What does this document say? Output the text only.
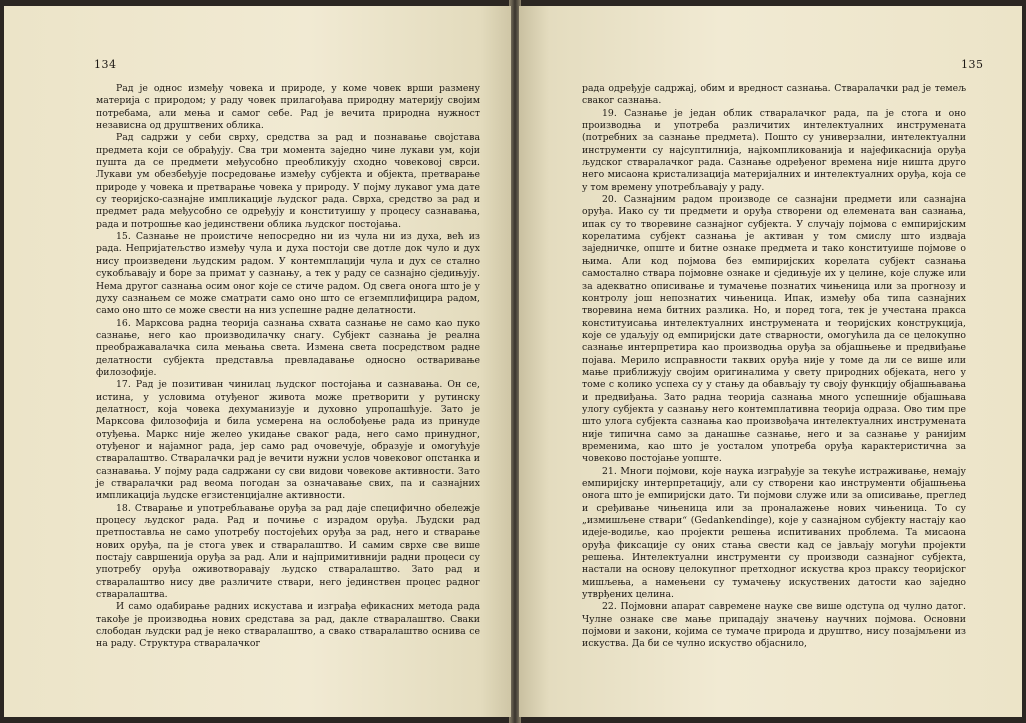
134

Рад је однос између човека и природе, у коме човек врши размену материја с природом; у раду човек прилагођава природну материју својим потребама, али мења и самог себе. Рад је вечита природна нужност независна од друштвених облика.

Рад садржи у себи сврху, средства за рад и познавање својстава предмета који се обрађују. Сва три момента заједно чине лукави ум, који пушта да се предмети међусобно преобликују сходно човековој сврси. Лукави ум обезбеђује посредовање између субјекта и објекта, претварање природе у човека и претварање човека у природу. У појму лукавог ума дате су теоријско-сазнајне импликације људског рада. Сврха, средство за рад и предмет рада међусобно се одређују и конституишу у процесу сазнавања, рада и потрошње као јединствени облика људског постојања.

15. Сазнање не проистиче непосредно ни из чула ни из духа, већ из рада. Непријатељство између чула и духа постоји све дотле док чуло и дух нису произведени људским радом. У контемплацији чула и дух се стално сукобљавају и боре за примат у сазнању, а тек у раду се сазнајно сједињују. Нема другог сазнања осим оног које се стиче радом. Од свега онога што је у духу сазнањем се може сматрати само оно што се егземплифицира радом, само оно што се може свести на низ успешне радне делатности.

16. Марксова радна теорија сазнања схвата сазнање не само као пуко сазнање, него као производилачку снагу. Субјект сазнања је реална преображавалачка сила мењања света. Измена света посредством радне делатности субјекта представља превладавање односно остваривање филозофије.

17. Рад је позитиван чинилац људског постојања и сазнавања. Он се, истина, у условима отуђеног живота може претворити у рутинску делатност, која човека дехуманизује и духовно упропашћује. Зато је Марксова филозофија и била усмерена на ослобођење рада из принуде отуђења. Маркс није желео укидање сваког рада, него само принудног, отуђеног и најамног рада, јер само рад очовечује, образује и омогућује стваралаштво. Стваралачки рад је вечити нужни услов човековог опстанка и сазнавања. У појму рада садржани су сви видови човекове активности. Зато је стваралачки рад веома погодан за означавање свих, па и сазнајних импликација људске егзистенцијалне активности.

18. Стварање и употребљавање оруђа за рад даје специфично обележје процесу људског рада. Рад и почиње с израдом оруђа. Људски рад претпоставља не само употребу постојећих оруђа за рад, него и стварање нових оруђа, па је стога увек и стваралаштво. И самим сврхе све више постају савршенија оруђа за рад. Али и најпримитивнији радни процеси су употребу оруђа оживотворавају људско стваралаштво. Зато рад и стваралаштво нису две различите ствари, него јединствен процес радног стваралаштва.

И само одабирање радних искустава и изграђа ефикасних метода рада такође је производња нових средстава за рад, дакле стваралаштво. Сваки слободан људски рад је неко стваралаштво, а свако стваралаштво оснива се на раду. Структура стваралачког

135

рада одређује садржај, обим и вредност сазнања. Стваралачки рад је темељ сваког сазнања.

19. Сазнање је један облик стваралачког рада, па је стога и оно производња и употреба различитих интелектуалних инструмената (потребних за сазнање предмета). Пошто су универзални, интелектуални инструменти су најсуптилнија, најкомпликованија и најефикаснија оруђа људског стваралачког рада. Сазнање одређеног времена није ништа друго него мисаона кристализација материјалних и интелектуалних оруђа, која се у том времену употребљавају у раду.

20. Сазнајним радом производе се сазнајни предмети или сазнајна оруђа. Иако су ти предмети и оруђа створени од елемената ван сазнања, ипак су то творевине сазнајног субјекта. У случају појмова с емпиријским корелатима субјект сазнања је активан у том смислу што издваја заједничке, опште и битне ознаке предмета и тако конституише појмове о њима. Али код појмова без емпиријских корелата субјект сазнања самостално ствара појмовне ознаке и сједињује их у целине, које служе или за адекватно описивање и тумачење познатих чињеница или за прогнозу и контролу још непознатих чињеница. Ипак, између оба типа сазнајних творевина нема битних разлика. Но, и поред тога, тек је учестана пракса конституисања интелектуалних инструмената и теоријских конструкција, које се удаљују од емпиријски дате стварности, омогућила да се целокупно сазнање интерпретира као производња оруђа за објашњење и предвиђање појава. Мерило исправности таквих оруђа није у томе да ли се више или мање приближују својим оригиналима у свету природних објеката, него у томе с колико успеха су у стању да обављају ту своју функцију објашњавања и предвиђања. Зато радна теорија сазнања много успешније објашњава улогу субјекта у сазнању него контемплативна теорија одраза. Ово тим пре што улога субјекта сазнања као произвођача интелектуалних инструмената није типична само за данашње сазнање, него и за сазнање у ранијим временима, као што је уосталом употреба оруђа карактеристична за човеково постојање уопште.

21. Многи појмови, које наука изграђује за текуће истраживање, немају емпиријску интерпретацију, али су створени као инструменти објашњења онога што је емпиријски дато. Ти појмови служе или за описивање, преглед и сређивање чињеница или за проналажење нових чињеница. То су „измишљене ствари“ (Gedankendinge), које у сазнајном субјекту настају као идеје-водиље, као пројекти решења испитиваних проблема. Та мисаона оруђа фиксације су оних стања свести кад се јављају могући пројекти решења. Интелектуални инструменти су производи сазнајног субјекта, настали на основу целокупног претходног искуства кроз праксу теоријског мишљења, а намењени су тумачењу искуствених датости као заједно утврђених целина.

22. Појмовни апарат савремене науке све више одступа од чулно датог. Чулне ознаке све мање припадају значењу научних појмова. Основни појмови и закони, којима се тумаче природа и друштво, нису позајмљени из искуства. Да би се чулно искуство објаснило,
